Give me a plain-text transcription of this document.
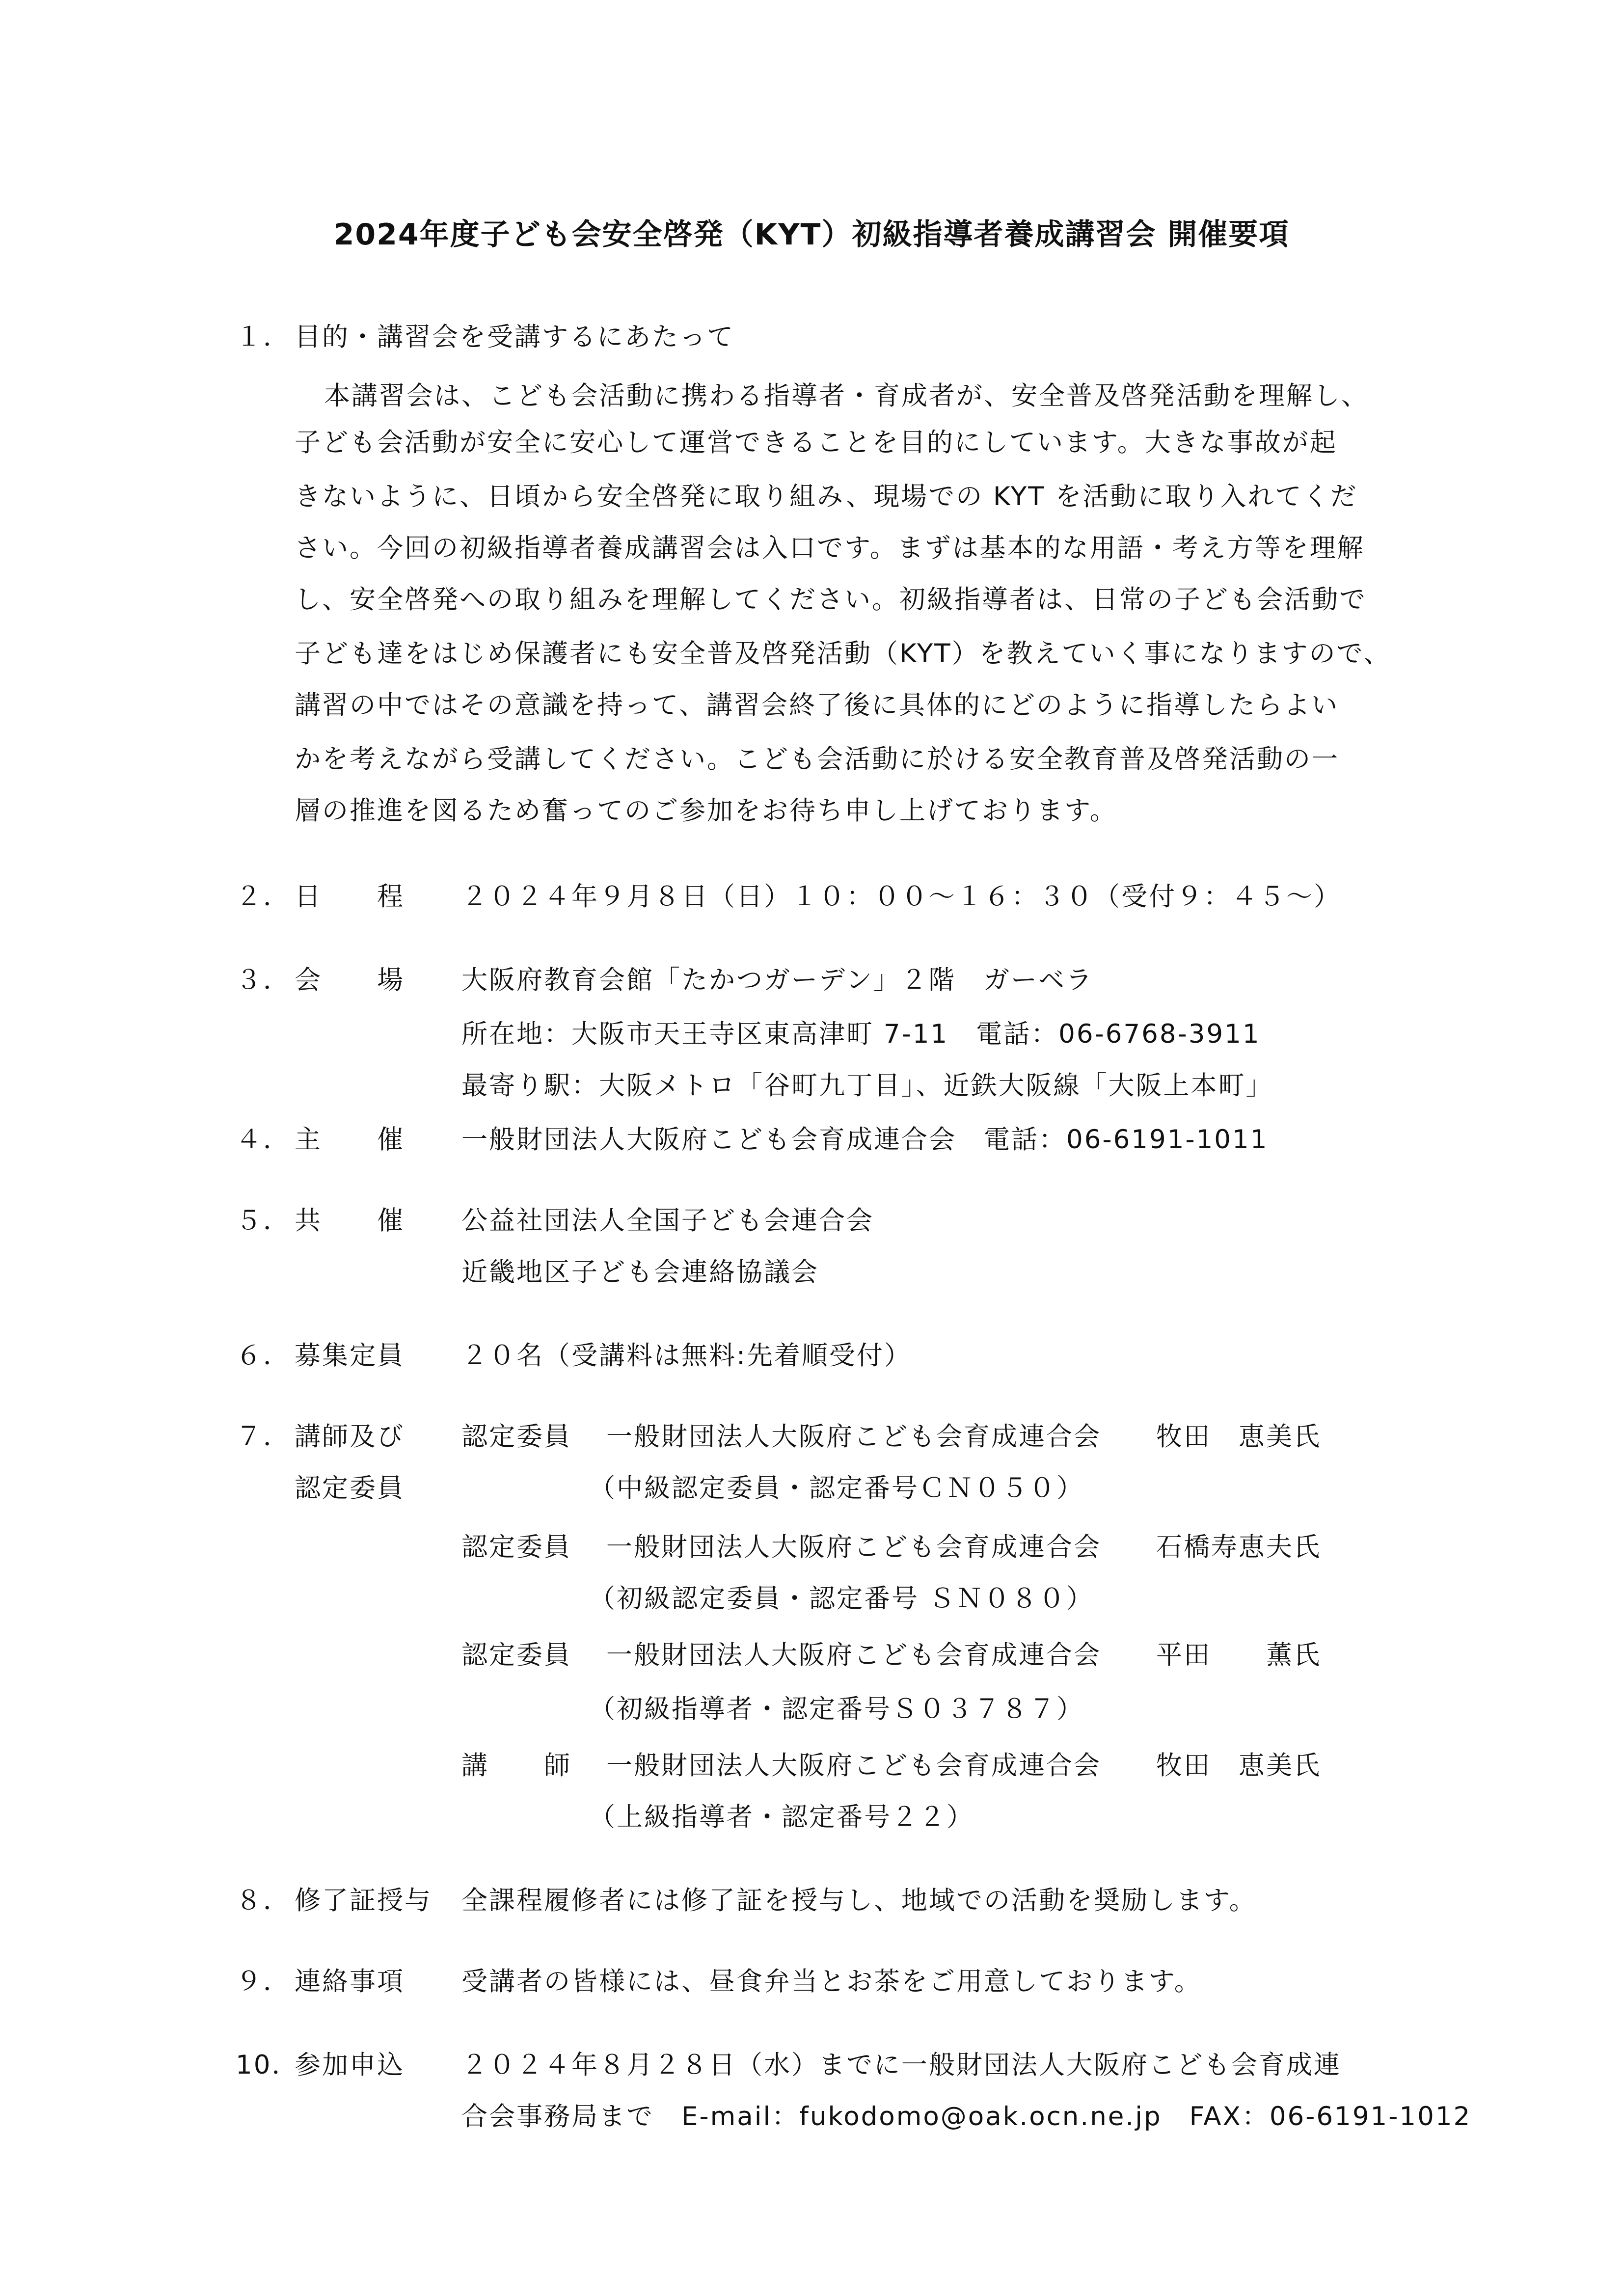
2024年度子ども会安全啓発（KYT）初級指導者養成講習会 開催要項
１． 目的・講習会を受講するにあたって
本講習会は、こども会活動に携わる指導者・育成者が、安全普及啓発活動を理解し、
子ども会活動が安全に安心して運営できることを目的にしています。大きな事故が起
きないように、日頃から安全啓発に取り組み、現場での KYT を活動に取り入れてくだ
さい。今回の初級指導者養成講習会は入口です。まずは基本的な用語・考え方等を理解
し、安全啓発への取り組みを理解してください。初級指導者は、日常の子ども会活動で
子ども達をはじめ保護者にも安全普及啓発活動（KYT）を教えていく事になりますので、
講習の中ではその意識を持って、講習会終了後に具体的にどのように指導したらよい
かを考えながら受講してください。こども会活動に於ける安全教育普及啓発活動の一
層の推進を図るため奮ってのご参加をお待ち申し上げております。
２． 日　　程 ２０２４年９月８日（日）１０：００～１６：３０（受付９：４５～）
３． 会　　場 大阪府教育会館「たかつガーデン」２階　ガーベラ
所在地：大阪市天王寺区東高津町 7-11　電話：06-6768-3911
最寄り駅：大阪メトロ「谷町九丁目」、近鉄大阪線「大阪上本町」
４． 主　　催 一般財団法人大阪府こども会育成連合会　電話：06-6191-1011
５． 共　　催 公益社団法人全国子ども会連合会
近畿地区子ども会連絡協議会
６． 募集定員 ２０名（受講料は無料:先着順受付）
７． 講師及び
認定委員
認定委員 一般財団法人大阪府こども会育成連合会 牧田　恵美氏
（中級認定委員・認定番号ＣＮ０５０）
認定委員 一般財団法人大阪府こども会育成連合会 石橋寿恵夫氏
（初級認定委員・認定番号 ＳＮ０８０）
認定委員 一般財団法人大阪府こども会育成連合会 平田　　薫氏
（初級指導者・認定番号Ｓ０３７８７）
講　　師 一般財団法人大阪府こども会育成連合会 牧田　恵美氏
（上級指導者・認定番号２２）
８． 修了証授与 全課程履修者には修了証を授与し、地域での活動を奨励します。
９． 連絡事項 受講者の皆様には、昼食弁当とお茶をご用意しております。
10．
参加申込 ２０２４年８月２８日（水）までに一般財団法人大阪府こども会育成連
合会事務局まで　E-mail：fukodomo@oak.ocn.ne.jp　FAX：06-6191-1012
